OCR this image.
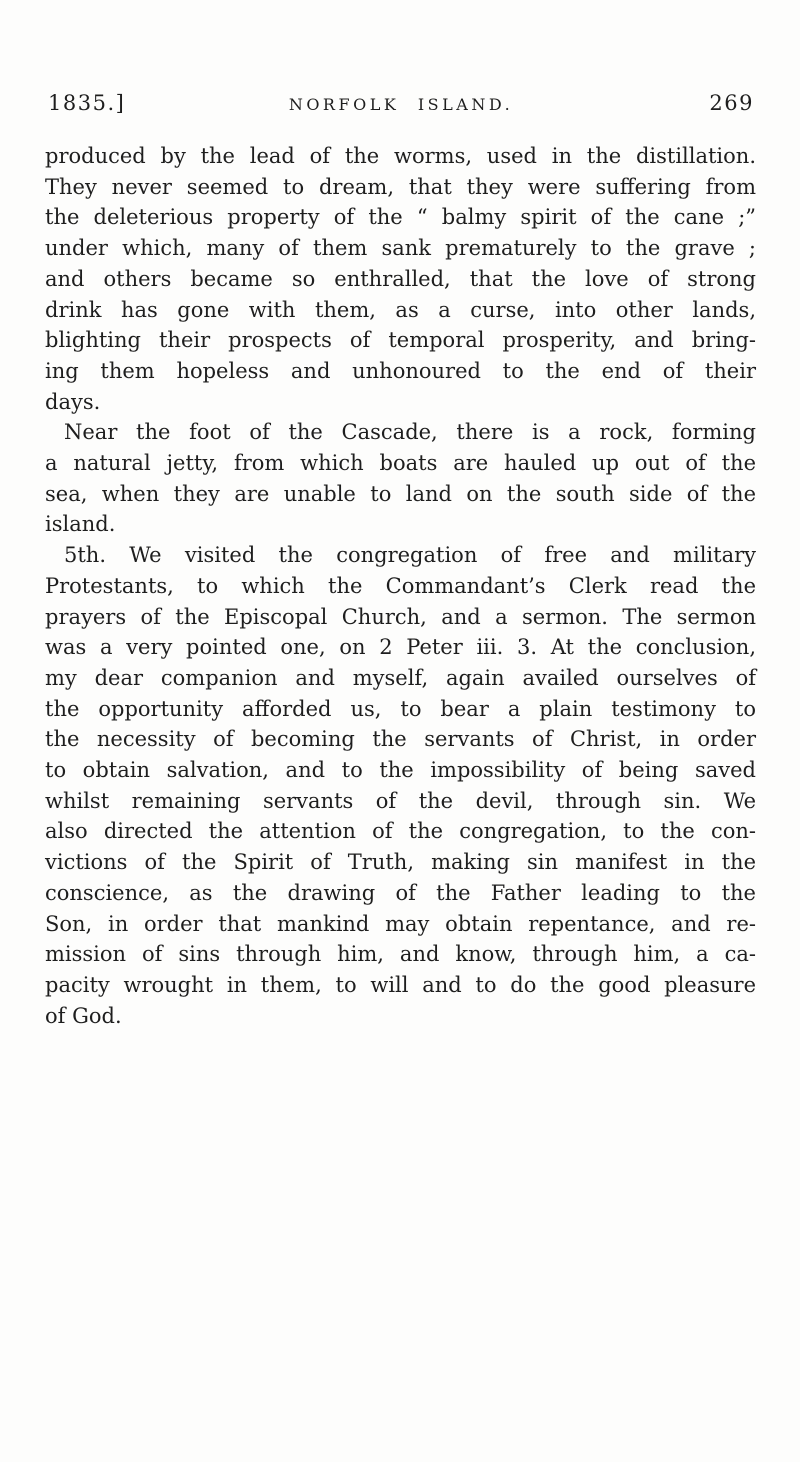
1835.]	NORFOLK ISLAND.	269
produced by the lead of the worms, used in the distillation.
They never seemed to dream, that they were suffering from
the deleterious property of the “ balmy spirit of the cane ;”
under which, many of them sank prematurely to the grave ;
and others became so enthralled, that the love of strong
drink has gone with them, as a curse, into other lands,
blighting their prospects of temporal prosperity, and bring-
ing them hopeless and unhonoured to the end of their
days.
Near the foot of the Cascade, there is a rock, forming
a natural jetty, from which boats are hauled up out of the
sea, when they are unable to land on the south side of the
island.
5th. We visited the congregation of free and military
Protestants, to which the Commandant’s Clerk read the
prayers of the Episcopal Church, and a sermon. The sermon
was a very pointed one, on 2 Peter iii. 3. At the conclusion,
my dear companion and myself, again availed ourselves of
the opportunity afforded us, to bear a plain testimony to
the necessity of becoming the servants of Christ, in order
to obtain salvation, and to the impossibility of being saved
whilst remaining servants of the devil, through sin. We
also directed the attention of the congregation, to the con-
victions of the Spirit of Truth, making sin manifest in the
conscience, as the drawing of the Father leading to the
Son, in order that mankind may obtain repentance, and re-
mission of sins through him, and know, through him, a ca-
pacity wrought in them, to will and to do the good pleasure
of God.
